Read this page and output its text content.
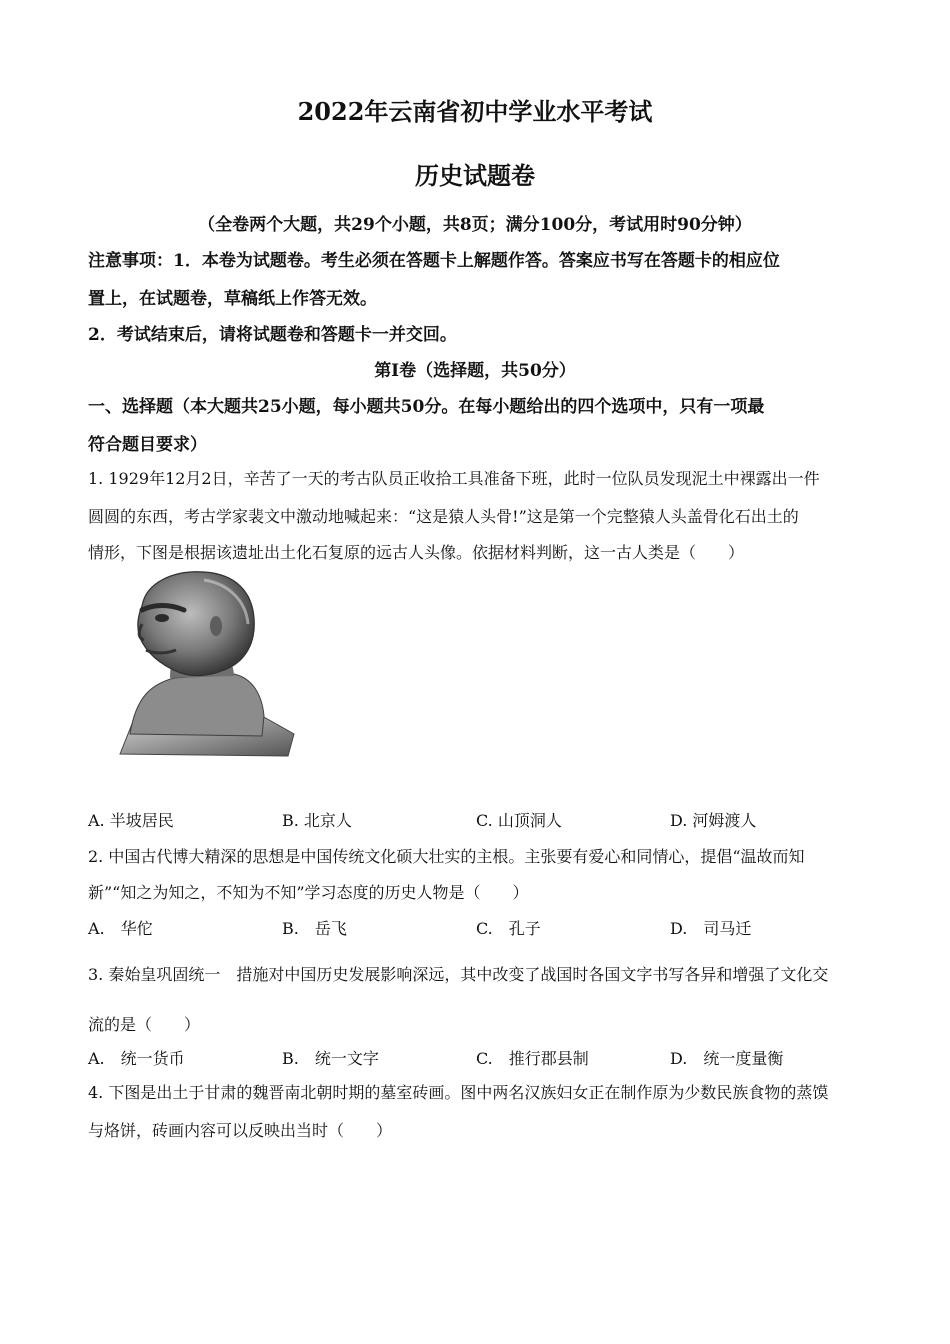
2022年云南省初中学业水平考试
历史试题卷
（全卷两个大题，共29个小题，共8页；满分100分，考试用时90分钟）
注意事项：1．本卷为试题卷。考生必须在答题卡上解题作答。答案应书写在答题卡的相应位
置上，在试题卷，草稿纸上作答无效。
2．考试结束后，请将试题卷和答题卡一并交回。
第Ⅰ卷（选择题，共50分）
一、选择题（本大题共25小题，每小题共50分。在每小题给出的四个选项中，只有一项最
符合题目要求）
1. 1929年12月2日，辛苦了一天的考古队员正收拾工具准备下班，此时一位队员发现泥土中裸露出一件
圆圆的东西，考古学家裴文中激动地喊起来：“这是猿人头骨!”这是第一个完整猿人头盖骨化石出土的
情形，下图是根据该遗址出土化石复原的远古人头像。依据材料判断，这一古人类是（　　）
A. 半坡居民	B. 北京人	C. 山顶洞人	D. 河姆渡人
2. 中国古代博大精深的思想是中国传统文化硕大壮实的主根。主张要有爱心和同情心，提倡“温故而知
新”“知之为知之，不知为不知”学习态度的历史人物是（　　）
A.　华佗	B.　岳飞	C.　孔子	D.　司马迁
3. 秦始皇巩固统一　措施对中国历史发展影响深远，其中改变了战国时各国文字书写各异和增强了文化交
流的是（　　）
A.　统一货币	B.　统一文字	C.　推行郡县制	D.　统一度量衡
4. 下图是出土于甘肃的魏晋南北朝时期的墓室砖画。图中两名汉族妇女正在制作原为少数民族食物的蒸馍
与烙饼，砖画内容可以反映出当时（　　）
